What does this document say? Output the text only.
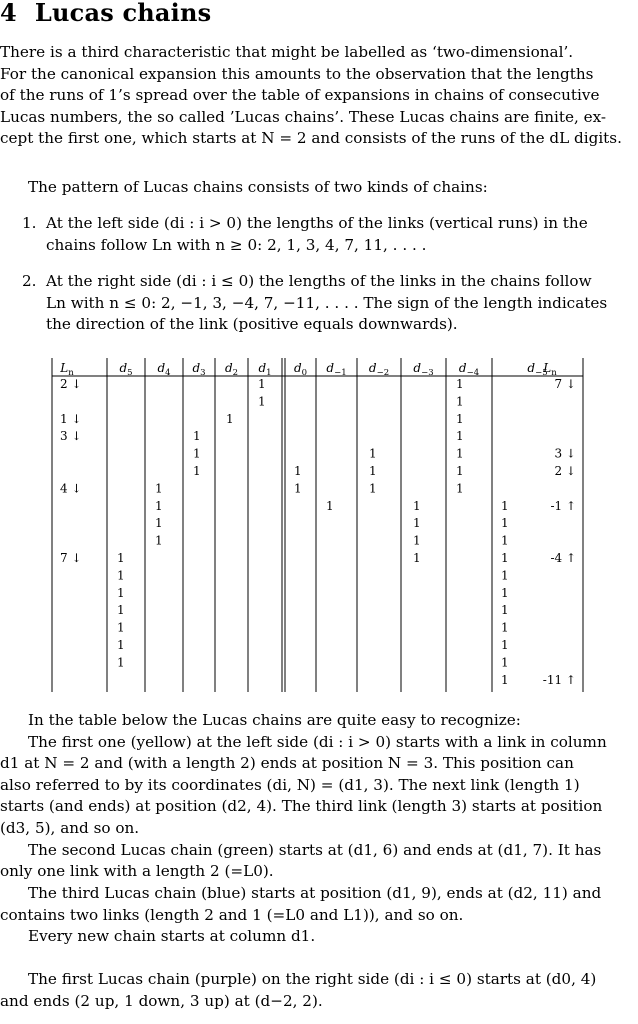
4 Lucas chains
There is a third characteristic that might be labelled as ‘two-dimensional’.
For the canonical expansion this amounts to the observation that the lengths
of the runs of 1’s spread over the table of expansions in chains of consecutive
Lucas numbers, the so called ’Lucas chains’. These Lucas chains are finite, ex-
cept the first one, which starts at N = 2 and consists of the runs of the dL digits.
The pattern of Lucas chains consists of two kinds of chains:
1. At the left side (di : i > 0) the lengths of the links (vertical runs) in the
chains follow Ln with n ≥ 0: 2, 1, 3, 4, 7, 11, . . . .
2. At the right side (di : i ≤ 0) the lengths of the links in the chains follow
Ln with n ≤ 0: 2, −1, 3, −4, 7, −11, . . . . The sign of the length indicates
the direction of the link (positive equals downwards).
$L_n$	$d_5$ $d_4$ $d_3$ $d_2$ $d_1$ $d_0$ $d_{-1}$ $d_{-2}$ $d_{-3}$ $d_{-4}$	$d_{-5}$
$L_n$
2 ↓
1 ↓
3 ↓
4 ↓
7 ↓
7 ↓
3 ↓
2 ↓
-1 ↑
-4 ↑
-11 ↑
1
1
1
1
1
1
1
1
1
1
1
1
1
1
1
1
1
1
1
1
1
1
1
1
1
1
1
1
1
1
1
1
1
1
1
1
1
1
1
1
1
1
1
1
1
In the table below the Lucas chains are quite easy to recognize:
The first one (yellow) at the left side (di : i > 0) starts with a link in column
d1 at N = 2 and (with a length 2) ends at position N = 3. This position can
also referred to by its coordinates (di, N) = (d1, 3). The next link (length 1)
starts (and ends) at position (d2, 4). The third link (length 3) starts at position
(d3, 5), and so on.
The second Lucas chain (green) starts at (d1, 6) and ends at (d1, 7). It has
only one link with a length 2 (=L0).
The third Lucas chain (blue) starts at position (d1, 9), ends at (d2, 11) and
contains two links (length 2 and 1 (=L0 and L1)), and so on.
Every new chain starts at column d1.
The first Lucas chain (purple) on the right side (di : i ≤ 0) starts at (d0, 4)
and ends (2 up, 1 down, 3 up) at (d−2, 2).
